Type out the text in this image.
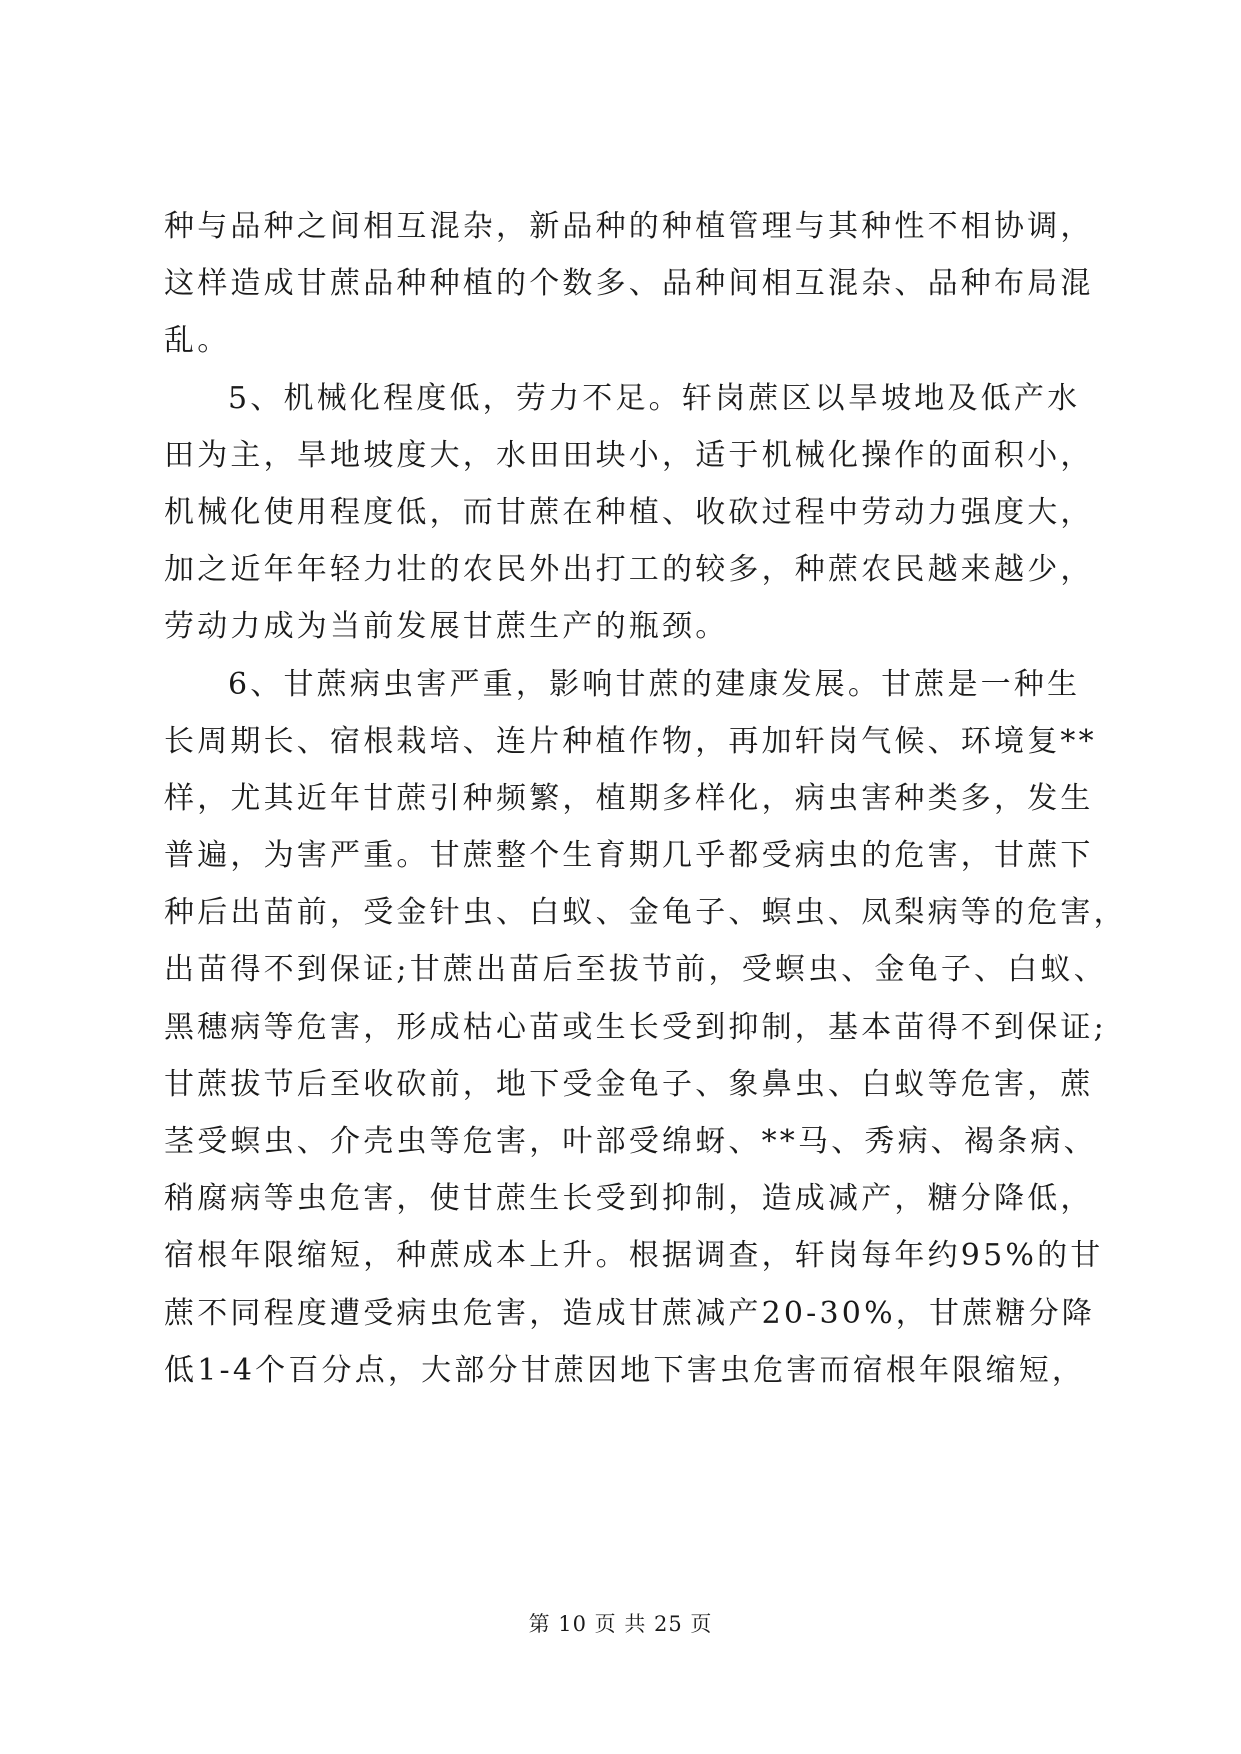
种与品种之间相互混杂，新品种的种植管理与其种性不相协调，
这样造成甘蔗品种种植的个数多、品种间相互混杂、品种布局混
乱。
5、机械化程度低，劳力不足。轩岗蔗区以旱坡地及低产水
田为主，旱地坡度大，水田田块小，适于机械化操作的面积小，
机械化使用程度低，而甘蔗在种植、收砍过程中劳动力强度大，
加之近年年轻力壮的农民外出打工的较多，种蔗农民越来越少，
劳动力成为当前发展甘蔗生产的瓶颈。
6、甘蔗病虫害严重，影响甘蔗的建康发展。甘蔗是一种生
长周期长、宿根栽培、连片种植作物，再加轩岗气候、环境复**
样，尤其近年甘蔗引种频繁，植期多样化，病虫害种类多，发生
普遍，为害严重。甘蔗整个生育期几乎都受病虫的危害，甘蔗下
种后出苗前，受金针虫、白蚁、金龟子、螟虫、凤梨病等的危害，
出苗得不到保证;甘蔗出苗后至拔节前，受螟虫、金龟子、白蚁、
黑穗病等危害，形成枯心苗或生长受到抑制，基本苗得不到保证;
甘蔗拔节后至收砍前，地下受金龟子、象鼻虫、白蚁等危害，蔗
茎受螟虫、介壳虫等危害，叶部受绵蚜、**马、秀病、褐条病、
稍腐病等虫危害，使甘蔗生长受到抑制，造成减产，糖分降低，
宿根年限缩短，种蔗成本上升。根据调查，轩岗每年约95%的甘
蔗不同程度遭受病虫危害，造成甘蔗减产20-30%，甘蔗糖分降
低1-4个百分点，大部分甘蔗因地下害虫危害而宿根年限缩短，
第 10 页 共 25 页
